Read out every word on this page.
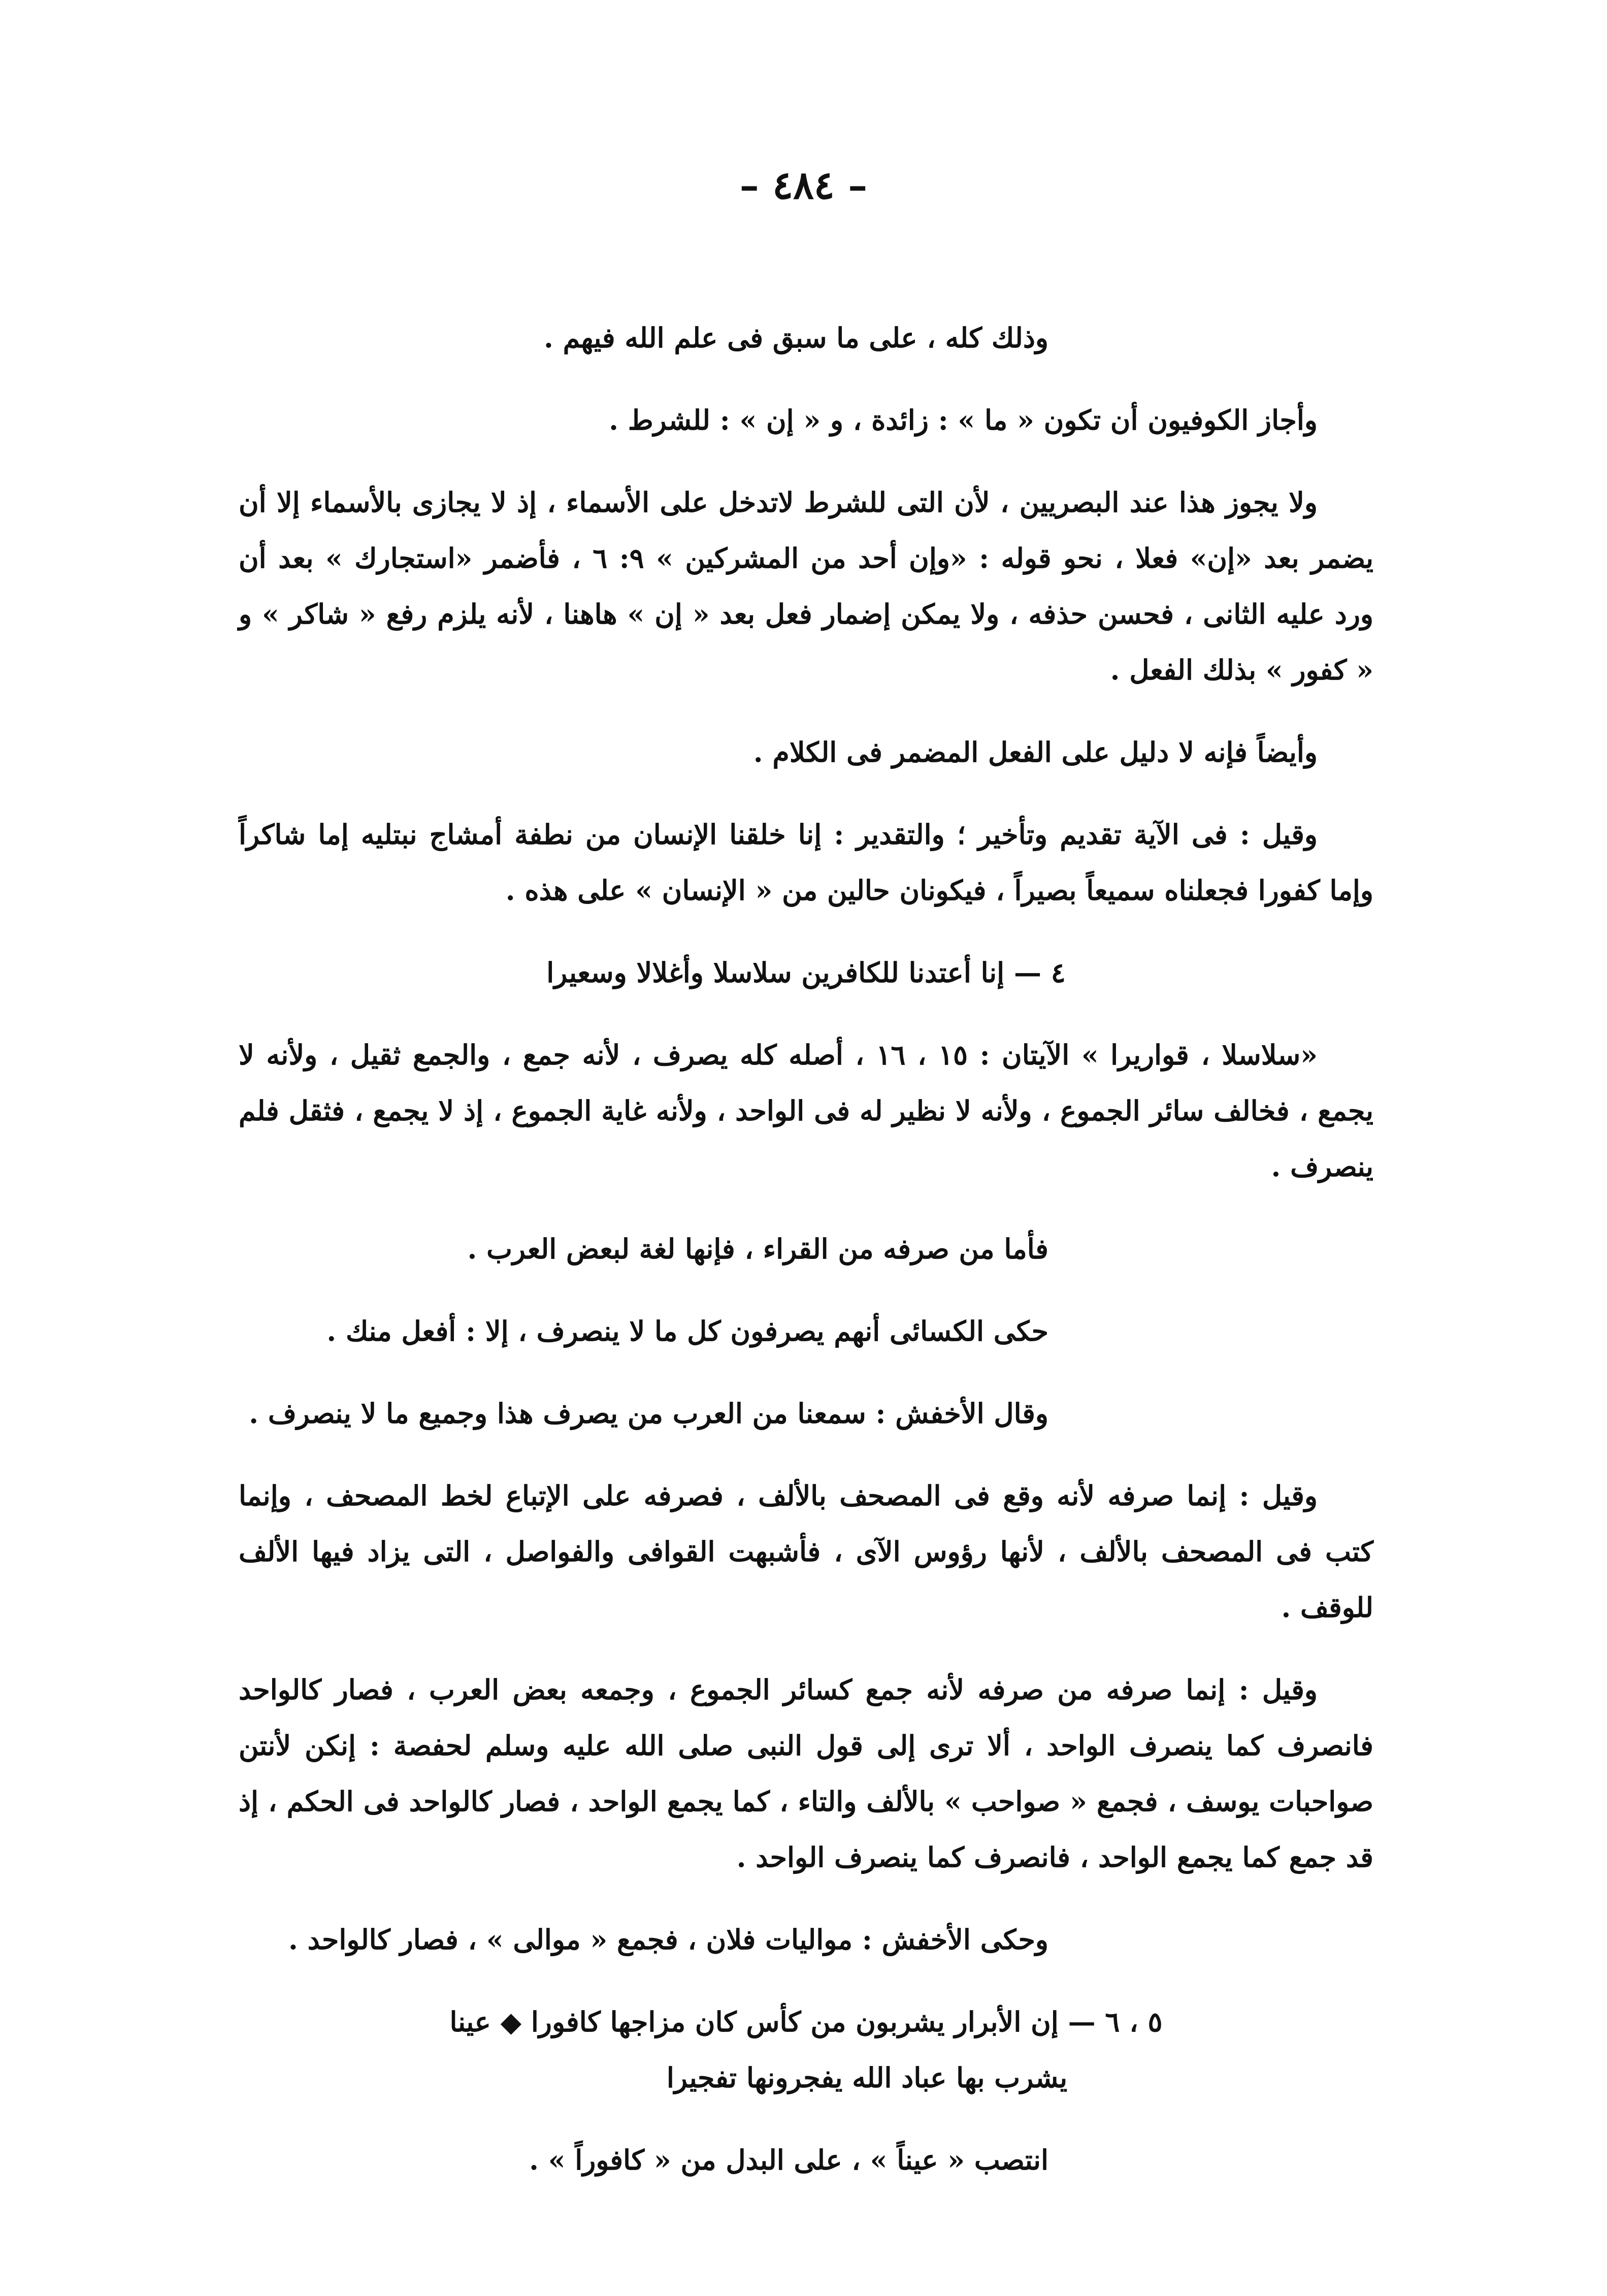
– ٤٨٤ –

وذلك كله ، على ما سبق فى علم الله فيهم .

وأجاز الكوفيون أن تكون « ما » : زائدة ، و « إن » : للشرط .

ولا يجوز هذا عند البصريين ، لأن التى للشرط لاتدخل على الأسماء ، إذ لا يجازى بالأسماء إلا أن يضمر بعد «إن» فعلا ، نحو قوله : «وإن أحد من المشركين » ٩: ٦ ، فأضمر «استجارك » بعد أن ورد عليه الثانى ، فحسن حذفه ، ولا يمكن إضمار فعل بعد « إن » هاهنا ، لأنه يلزم رفع « شاكر » و « كفور » بذلك الفعل .

وأيضاً فإنه لا دليل على الفعل المضمر فى الكلام .

وقيل : فى الآية تقديم وتأخير ؛ والتقدير : إنا خلقنا الإنسان من نطفة أمشاج نبتليه إما شاكراً وإما كفورا فجعلناه سميعاً بصيراً ، فيكونان حالين من « الإنسان » على هذه .

٤ — إنا أعتدنا للكافرين سلاسلا وأغلالا وسعيرا

«سلاسلا ، قواريرا » الآيتان : ١٥ ، ١٦ ، أصله كله يصرف ، لأنه جمع ، والجمع ثقيل ، ولأنه لا يجمع ، فخالف سائر الجموع ، ولأنه لا نظير له فى الواحد ، ولأنه غاية الجموع ، إذ لا يجمع ، فثقل فلم ينصرف .

فأما من صرفه من القراء ، فإنها لغة لبعض العرب .

حكى الكسائى أنهم يصرفون كل ما لا ينصرف ، إلا : أفعل منك .

وقال الأخفش : سمعنا من العرب من يصرف هذا وجميع ما لا ينصرف .

وقيل : إنما صرفه لأنه وقع فى المصحف بالألف ، فصرفه على الإتباع لخط المصحف ، وإنما كتب فى المصحف بالألف ، لأنها رؤوس الآى ، فأشبهت القوافى والفواصل ، التى يزاد فيها الألف للوقف .

وقيل : إنما صرفه من صرفه لأنه جمع كسائر الجموع ، وجمعه بعض العرب ، فصار كالواحد فانصرف كما ينصرف الواحد ، ألا ترى إلى قول النبى صلى الله عليه وسلم لحفصة : إنكن لأنتن صواحبات يوسف ، فجمع « صواحب » بالألف والتاء ، كما يجمع الواحد ، فصار كالواحد فى الحكم ، إذ قد جمع كما يجمع الواحد ، فانصرف كما ينصرف الواحد .

وحكى الأخفش : مواليات فلان ، فجمع « موالى » ، فصار كالواحد .

٥ ، ٦ — إن الأبرار يشربون من كأس كان مزاجها كافورا ◆ عينا
يشرب بها عباد الله يفجرونها تفجيرا

انتصب « عيناً » ، على البدل من « كافوراً » .
